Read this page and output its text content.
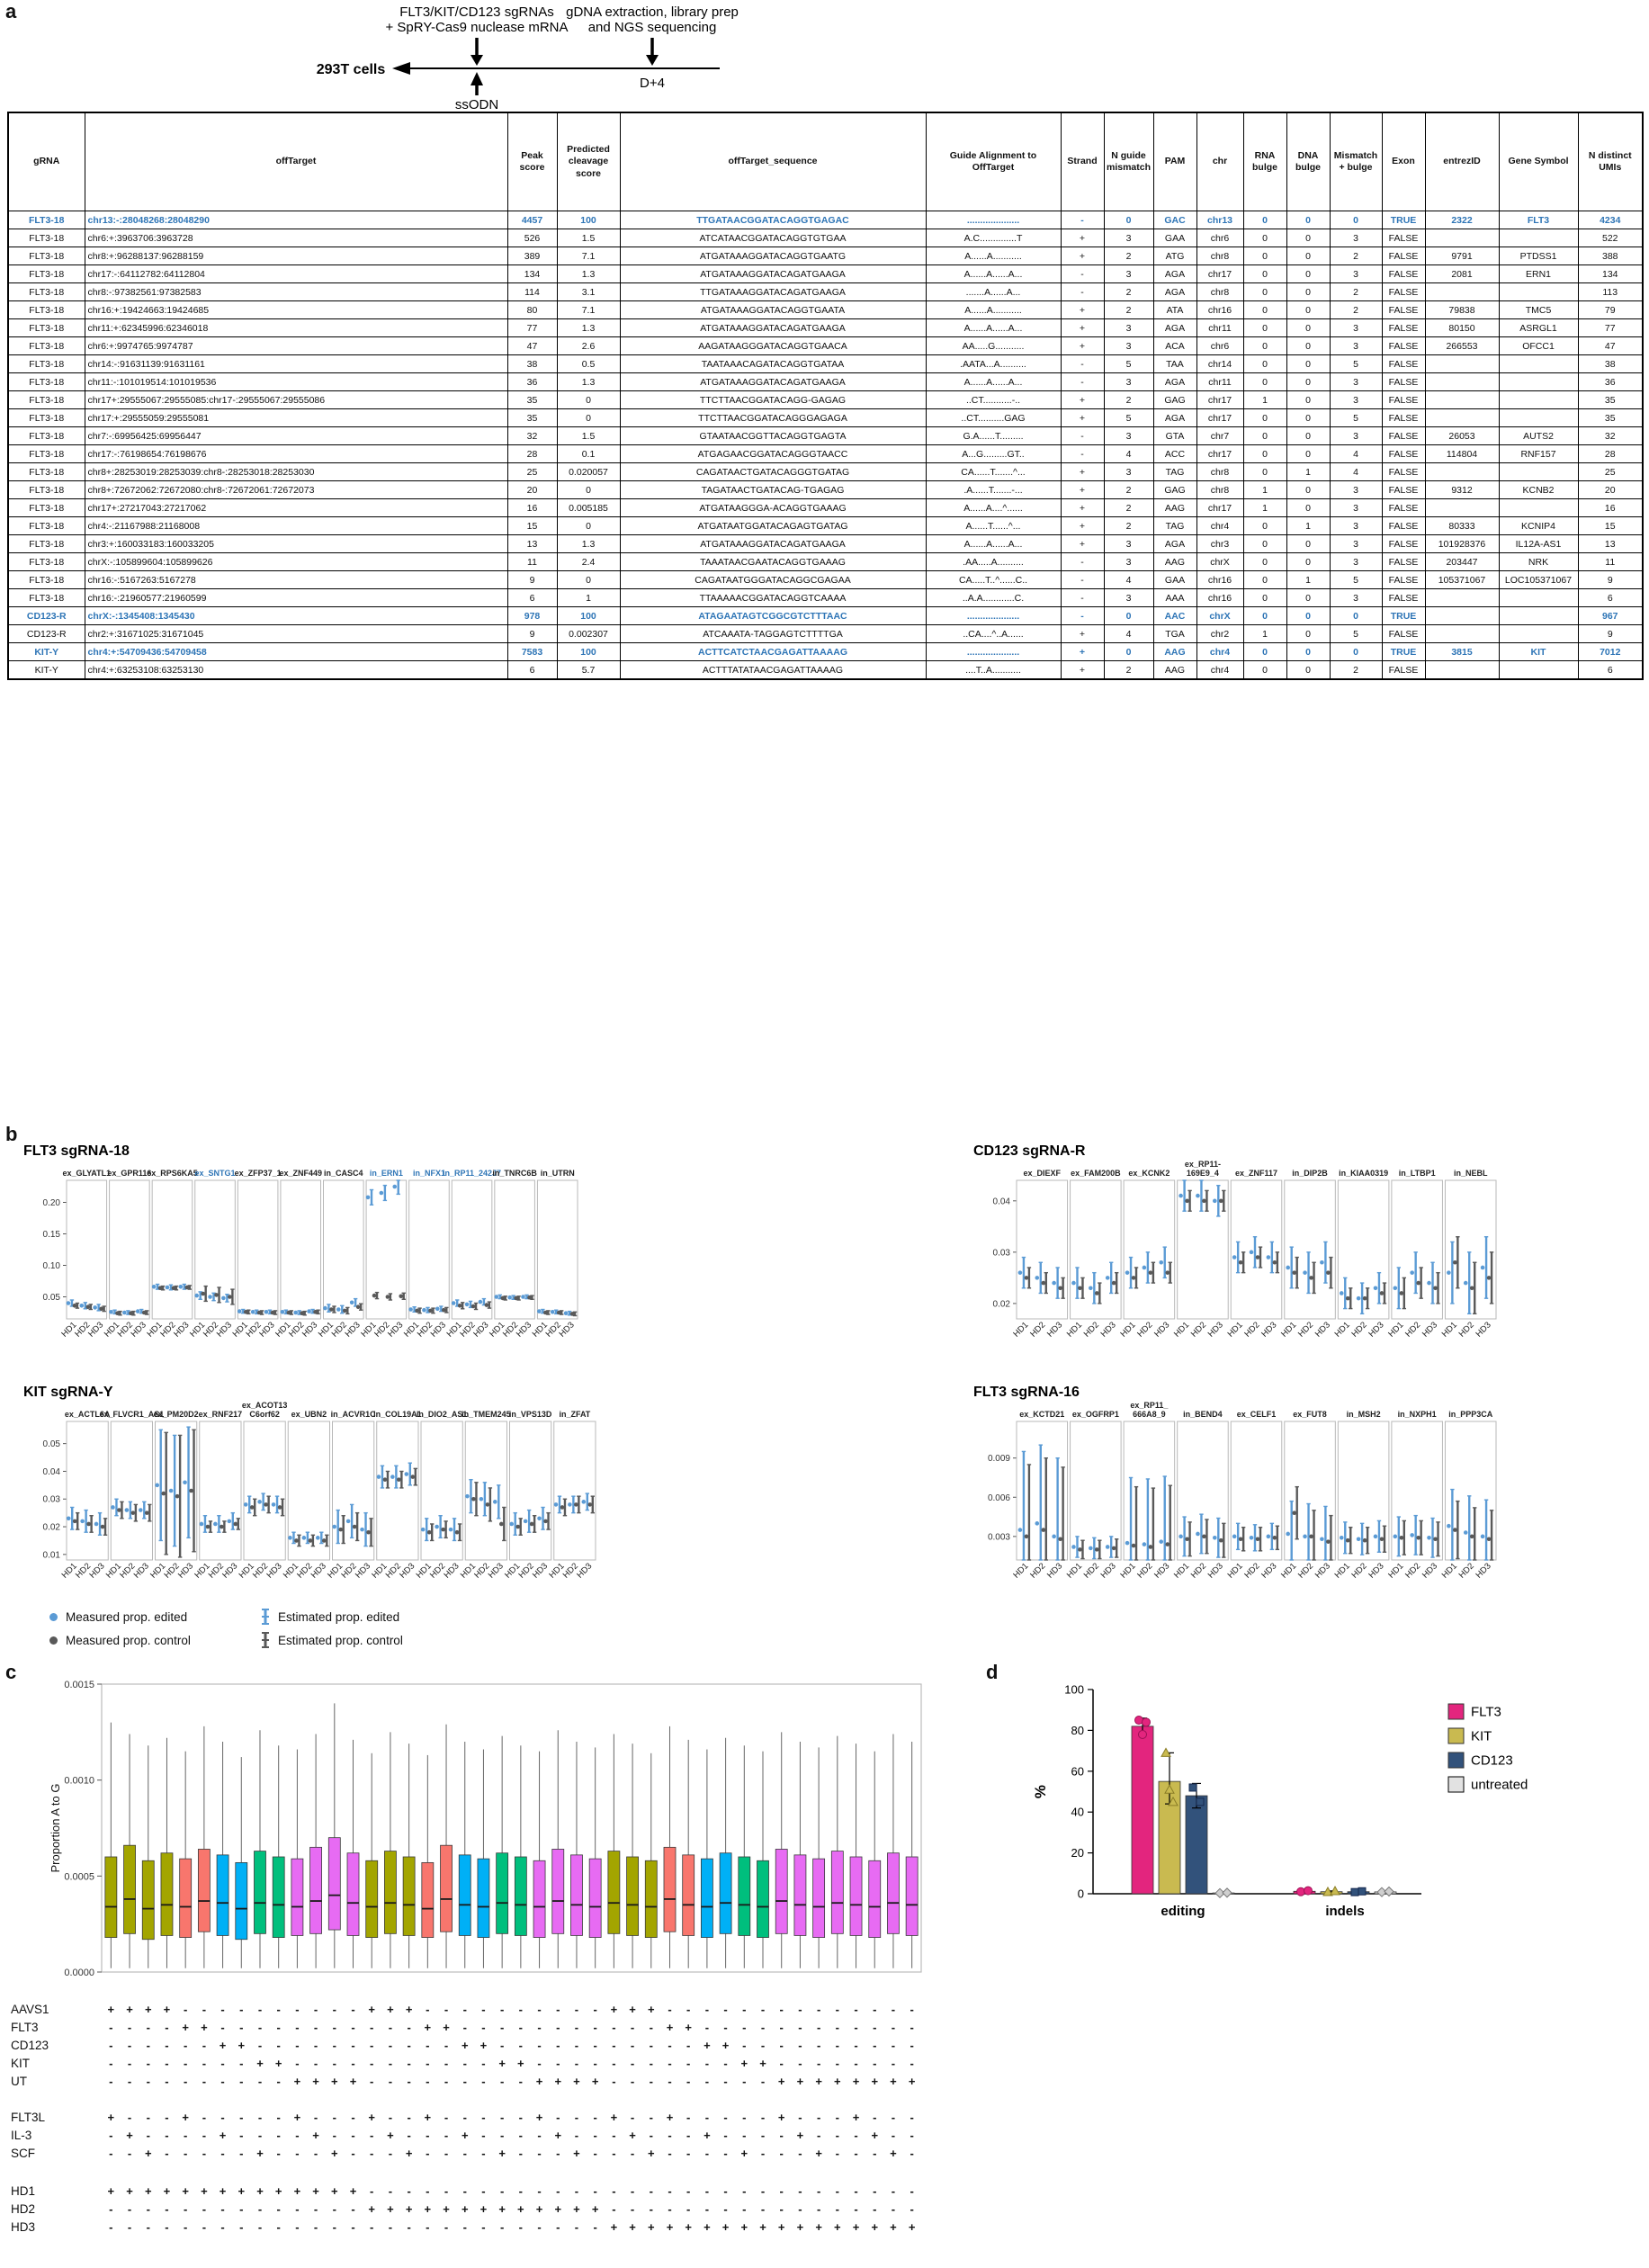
a	FLT3/KIT/CD123 sgRNAs
+ SpRY-Cas9 nuclease mRNA
gDNA extraction, library prep
and NGS sequencing
293T cells
ssODN
D+4
gRNA	offTarget	Peak score	Predicted cleavage score	offTarget_sequence	Guide Alignment to OffTarget	Strand	N guide mismatch	PAM	chr	RNA bulge	DNA bulge	Mismatch + bulge	Exon	entrezID	Gene Symbol	N distinct UMIs
FLT3-18	chr13:-:28048268:28048290	4457	100	TTGATAACGGATACAGGTGAGAC	....................	-	0	GAC	chr13	0	0	0	TRUE	2322	FLT3	4234
FLT3-18	chr6:+:3963706:3963728	526	1.5	ATCATAACGGATACAGGTGTGAA	A.C..............T	+	3	GAA	chr6	0	0	3	FALSE			522
FLT3-18	chr8:+:96288137:96288159	389	7.1	ATGATAAAGGATACAGGTGAATG	A......A...........	+	2	ATG	chr8	0	0	2	FALSE	9791	PTDSS1	388
FLT3-18	chr17:-:64112782:64112804	134	1.3	ATGATAAAGGATACAGATGAAGA	A......A......A...	-	3	AGA	chr17	0	0	3	FALSE	2081	ERN1	134
FLT3-18	chr8:-:97382561:97382583	114	3.1	TTGATAAAGGATACAGATGAAGA	.......A......A...	-	2	AGA	chr8	0	0	2	FALSE			113
FLT3-18	chr16:+:19424663:19424685	80	7.1	ATGATAAAGGATACAGGTGAATA	A......A...........	+	2	ATA	chr16	0	0	2	FALSE	79838	TMC5	79
FLT3-18	chr11:+:62345996:62346018	77	1.3	ATGATAAAGGATACAGATGAAGA	A......A......A...	+	3	AGA	chr11	0	0	3	FALSE	80150	ASRGL1	77
FLT3-18	chr6:+:9974765:9974787	47	2.6	AAGATAAGGGATACAGGTGAACA	AA.....G...........	+	3	ACA	chr6	0	0	3	FALSE	266553	OFCC1	47
FLT3-18	chr14:-:91631139:91631161	38	0.5	TAATAAACAGATACAGGTGATAA	.AATA...A..........	-	5	TAA	chr14	0	0	5	FALSE			38
FLT3-18	chr11:-:101019514:101019536	36	1.3	ATGATAAAGGATACAGATGAAGA	A......A......A...	-	3	AGA	chr11	0	0	3	FALSE			36
FLT3-18	chr17+:29555067:29555085:chr17-:29555067:29555086	35	0	TTCTTAACGGATACAGG-GAGAG	..CT...........-..	+	2	GAG	chr17	1	0	3	FALSE			35
FLT3-18	chr17:+:29555059:29555081	35	0	TTCTTAACGGATACAGGGAGAGA	..CT..........GAG	+	5	AGA	chr17	0	0	5	FALSE			35
FLT3-18	chr7:-:69956425:69956447	32	1.5	GTAATAACGGTTACAGGTGAGTA	G.A......T.........	-	3	GTA	chr7	0	0	3	FALSE	26053	AUTS2	32
FLT3-18	chr17:-:76198654:76198676	28	0.1	ATGAGAACGGATACAGGGTAACC	A...G.........GT..	-	4	ACC	chr17	0	0	4	FALSE	114804	RNF157	28
FLT3-18	chr8+:28253019:28253039:chr8-:28253018:28253030	25	0.020057	CAGATAACTGATACAGGGTGATAG	CA......T.......^...	+	3	TAG	chr8	0	1	4	FALSE			25
FLT3-18	chr8+:72672062:72672080:chr8-:72672061:72672073	20	0	TAGATAACTGATACAG-TGAGAG	.A......T.......-...	+	2	GAG	chr8	1	0	3	FALSE	9312	KCNB2	20
FLT3-18	chr17+:27217043:27217062	16	0.005185	ATGATAAGGGA-ACAGGTGAAAG	A......A....^......	+	2	AAG	chr17	1	0	3	FALSE			16
FLT3-18	chr4:-:21167988:21168008	15	0	ATGATAATGGATACAGAGTGATAG	A......T......^...	+	2	TAG	chr4	0	1	3	FALSE	80333	KCNIP4	15
FLT3-18	chr3:+:160033183:160033205	13	1.3	ATGATAAAGGATACAGATGAAGA	A......A......A...	+	3	AGA	chr3	0	0	3	FALSE	101928376	IL12A-AS1	13
FLT3-18	chrX:-:105899604:105899626	11	2.4	TAAATAACGAATACAGGTGAAAG	.AA.....A..........	-	3	AAG	chrX	0	0	3	FALSE	203447	NRK	11
FLT3-18	chr16:-:5167263:5167278	9	0	CAGATAATGGGATACAGGCGAGAA	CA.....T..^......C..	-	4	GAA	chr16	0	1	5	FALSE	105371067	LOC105371067	9
FLT3-18	chr16:-:21960577:21960599	6	1	TTAAAAACGGATACAGGTCAAAA	..A.A............C.	-	3	AAA	chr16	0	0	3	FALSE			6
CD123-R	chrX:-:1345408:1345430	978	100	ATAGAATAGTCGGCGTCTTTAAC	....................	-	0	AAC	chrX	0	0	0	TRUE			967
CD123-R	chr2:+:31671025:31671045	9	0.002307	ATCAAATA-TAGGAGTCTTTTGA	..CA....^..A......	+	4	TGA	chr2	1	0	5	FALSE			9
KIT-Y	chr4:+:54709436:54709458	7583	100	ACTTCATCTAACGAGATTAAAAG	....................	+	0	AAG	chr4	0	0	0	TRUE	3815	KIT	7012
KIT-Y	chr4:+:63253108:63253130	6	5.7	ACTTTATATAACGAGATTAAAAG	....T..A...........	+	2	AAG	chr4	0	0	2	FALSE			6
b
FLT3 sgRNA-18
0.05
0.10
0.15
0.20
ex_GLYATL1
HD1
HD2
HD3
ex_GPR116
HD1
HD2
HD3
ex_RPS6KA5
HD1
HD2
HD3
ex_SNTG1
HD1
HD2
HD3
ex_ZFP37_1
HD1
HD2
HD3
ex_ZNF449
HD1
HD2
HD3
in_CASC4
HD1
HD2
HD3
in_ERN1
HD1
HD2
HD3
in_NFX1
HD1
HD2
HD3
in_RP11_242J7
HD1
HD2
HD3
in_TNRC6B
HD1
HD2
HD3
in_UTRN
HD1
HD2
HD3
CD123 sgRNA-R
0.02
0.03
0.04
ex_DIEXF
HD1
HD2
HD3
ex_FAM200B
HD1
HD2
HD3
ex_KCNK2
HD1
HD2
HD3
ex_RP11-
169E9_4
HD1
HD2
HD3
ex_ZNF117
HD1
HD2
HD3
in_DIP2B
HD1
HD2
HD3
in_KIAA0319
HD1
HD2
HD3
in_LTBP1
HD1
HD2
HD3
in_NEBL
HD1
HD2
HD3
KIT sgRNA-Y
0.01
0.02
0.03
0.04
0.05
ex_ACTL6A
HD1
HD2
HD3
ex_FLVCR1_AS1
HD1
HD2
HD3
ex_PM20D2
HD1
HD2
HD3
ex_RNF217
HD1
HD2
HD3
ex_ACOT13
C6orf62
HD1
HD2
HD3
ex_UBN2
HD1
HD2
HD3
in_ACVR1C
HD1
HD2
HD3
in_COL19A1
HD1
HD2
HD3
in_DIO2_AS1
HD1
HD2
HD3
in_TMEM245
HD1
HD2
HD3
in_VPS13D
HD1
HD2
HD3
in_ZFAT
HD1
HD2
HD3
FLT3 sgRNA-16
0.003
0.006
0.009
ex_KCTD21
HD1
HD2
HD3
ex_OGFRP1
HD1
HD2
HD3
ex_RP11_
666A8_9
HD1
HD2
HD3
in_BEND4
HD1
HD2
HD3
ex_CELF1
HD1
HD2
HD3
ex_FUT8
HD1
HD2
HD3
in_MSH2
HD1
HD2
HD3
in_NXPH1
HD1
HD2
HD3
in_PPP3CA
HD1
HD2
HD3
Measured prop. edited
Measured prop. control
Estimated prop. edited
Estimated prop. control
c
Proportion A to G
0.0000
0.0005
0.0010
0.0015
AAVS1	+ + + + - - - - - - - - - - + + + - - - - - - - - - - + + + - - - - - - - - - - - - - -
FLT3	- - - - + + - - - - - - - - - - - + + - - - - - - - - - - - + + - - - - - - - - - - - -
CD123	- - - - - - + + - - - - - - - - - - - + + - - - - - - - - - - - + + - - - - - - - - - -
KIT	- - - - - - - - + + - - - - - - - - - - - + + - - - - - - - - - - - + + - - - - - - - -
UT	- - - - - - - - - - + + + + - - - - - - - - - + + + + - - - - - - - - - + + + + + + + +
FLT3L	+ - - - + - - - - - + - - - + - - + - - - - - + - - - + - - + - - - - - + - - - + - - -
IL-3	- + - - - - + - - - - + - - - + - - - + - - - - + - - - + - - - + - - - - + - - - + - -
SCF	- - + - - - - - + - - - + - - - + - - - - + - - - + - - - + - - - - + - - - + - - - + -
HD1	+ + + + + + + + + + + + + + - - - - - - - - - - - - - - - - - - - - - - - - - - - - - -
HD2	- - - - - - - - - - - - - - + + + + + + + + + + + + + - - - - - - - - - - - - - - - - -
HD3	- - - - - - - - - - - - - - - - - - - - - - - - - - - + + + + + + + + + + + + + + + + +
d
0
20
40
60
80
100
%
editing	indels
FLT3
KIT
CD123
untreated
